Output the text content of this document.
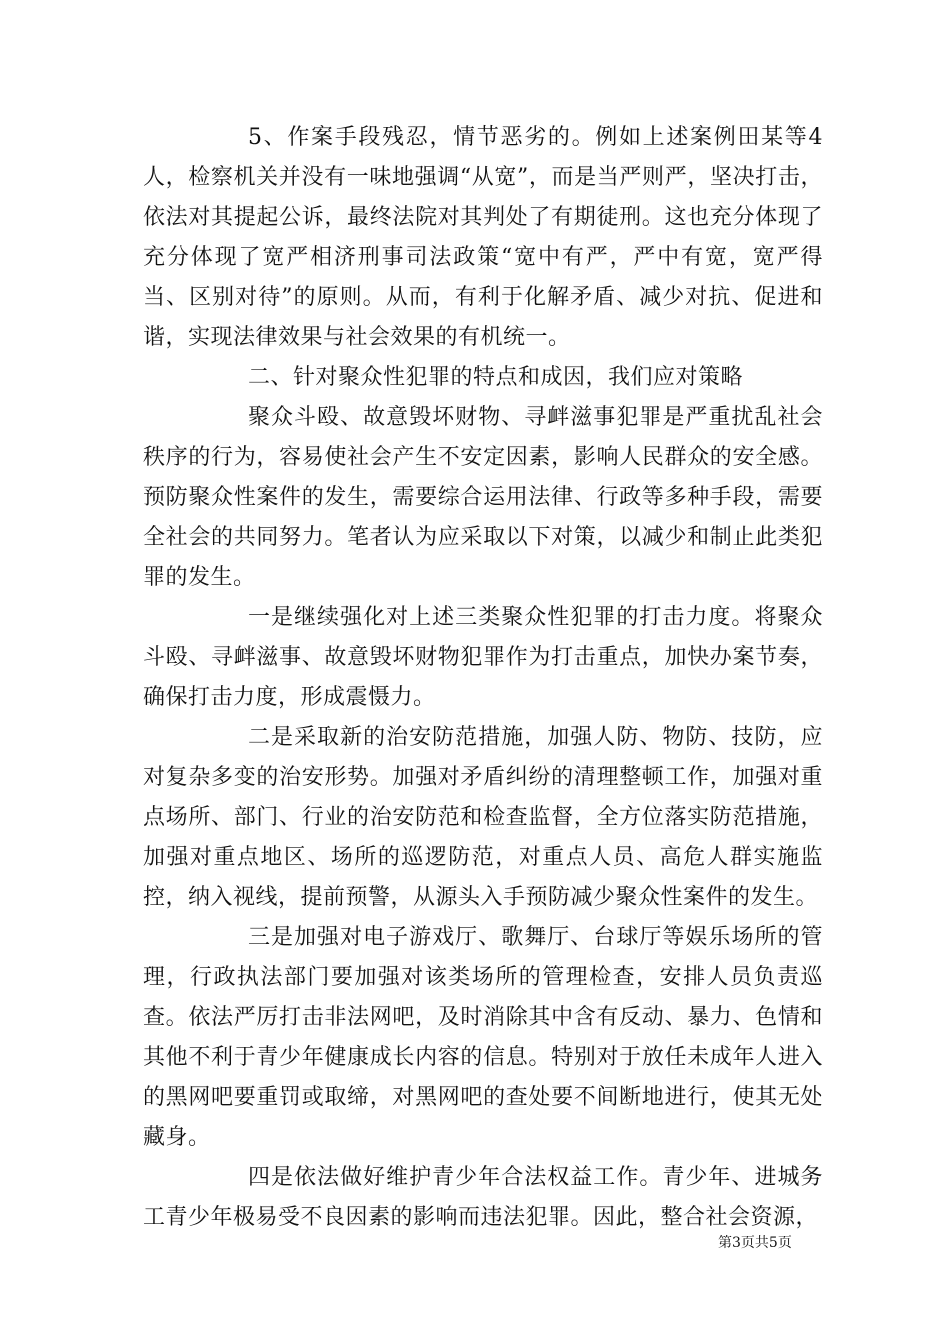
5、作案手段残忍，情节恶劣的。例如上述案例田某等4人，检察机关并没有一味地强调“从宽”，而是当严则严，坚决打击，依法对其提起公诉，最终法院对其判处了有期徒刑。这也充分体现了充分体现了宽严相济刑事司法政策“宽中有严，严中有宽，宽严得当、区别对待”的原则。从而，有利于化解矛盾、减少对抗、促进和谐，实现法律效果与社会效果的有机统一。

二、针对聚众性犯罪的特点和成因，我们应对策略

聚众斗殴、故意毁坏财物、寻衅滋事犯罪是严重扰乱社会秩序的行为，容易使社会产生不安定因素，影响人民群众的安全感。预防聚众性案件的发生，需要综合运用法律、行政等多种手段，需要全社会的共同努力。笔者认为应采取以下对策，以减少和制止此类犯罪的发生。

一是继续强化对上述三类聚众性犯罪的打击力度。将聚众斗殴、寻衅滋事、故意毁坏财物犯罪作为打击重点，加快办案节奏，确保打击力度，形成震慑力。

二是采取新的治安防范措施，加强人防、物防、技防，应对复杂多变的治安形势。加强对矛盾纠纷的清理整顿工作，加强对重点场所、部门、行业的治安防范和检查监督，全方位落实防范措施，加强对重点地区、场所的巡逻防范，对重点人员、高危人群实施监控，纳入视线，提前预警，从源头入手预防减少聚众性案件的发生。

三是加强对电子游戏厅、歌舞厅、台球厅等娱乐场所的管理，行政执法部门要加强对该类场所的管理检查，安排人员负责巡查。依法严厉打击非法网吧，及时消除其中含有反动、暴力、色情和其他不利于青少年健康成长内容的信息。特别对于放任未成年人进入的黑网吧要重罚或取缔，对黑网吧的查处要不间断地进行，使其无处藏身。

四是依法做好维护青少年合法权益工作。青少年、进城务工青少年极易受不良因素的影响而违法犯罪。因此，整合社会资源，

第3页共5页
